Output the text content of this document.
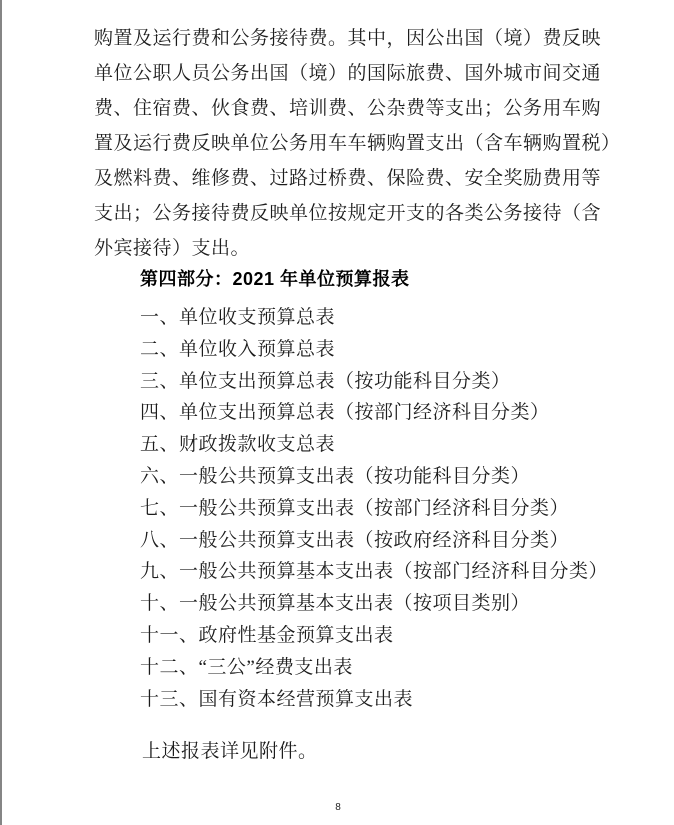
购置及运行费和公务接待费。其中，因公出国（境）费反映
单位公职人员公务出国（境）的国际旅费、国外城市间交通
费、住宿费、伙食费、培训费、公杂费等支出；公务用车购
置及运行费反映单位公务用车车辆购置支出（含车辆购置税）
及燃料费、维修费、过路过桥费、保险费、安全奖励费用等
支出；公务接待费反映单位按规定开支的各类公务接待（含
外宾接待）支出。
第四部分：2021 年单位预算报表
一、单位收支预算总表
二、单位收入预算总表
三、单位支出预算总表（按功能科目分类）
四、单位支出预算总表（按部门经济科目分类）
五、财政拨款收支总表
六、一般公共预算支出表（按功能科目分类）
七、一般公共预算支出表（按部门经济科目分类）
八、一般公共预算支出表（按政府经济科目分类）
九、一般公共预算基本支出表（按部门经济科目分类）
十、一般公共预算基本支出表（按项目类别）
十一、政府性基金预算支出表
十二、“三公”经费支出表
十三、国有资本经营预算支出表
上述报表详见附件。
8
